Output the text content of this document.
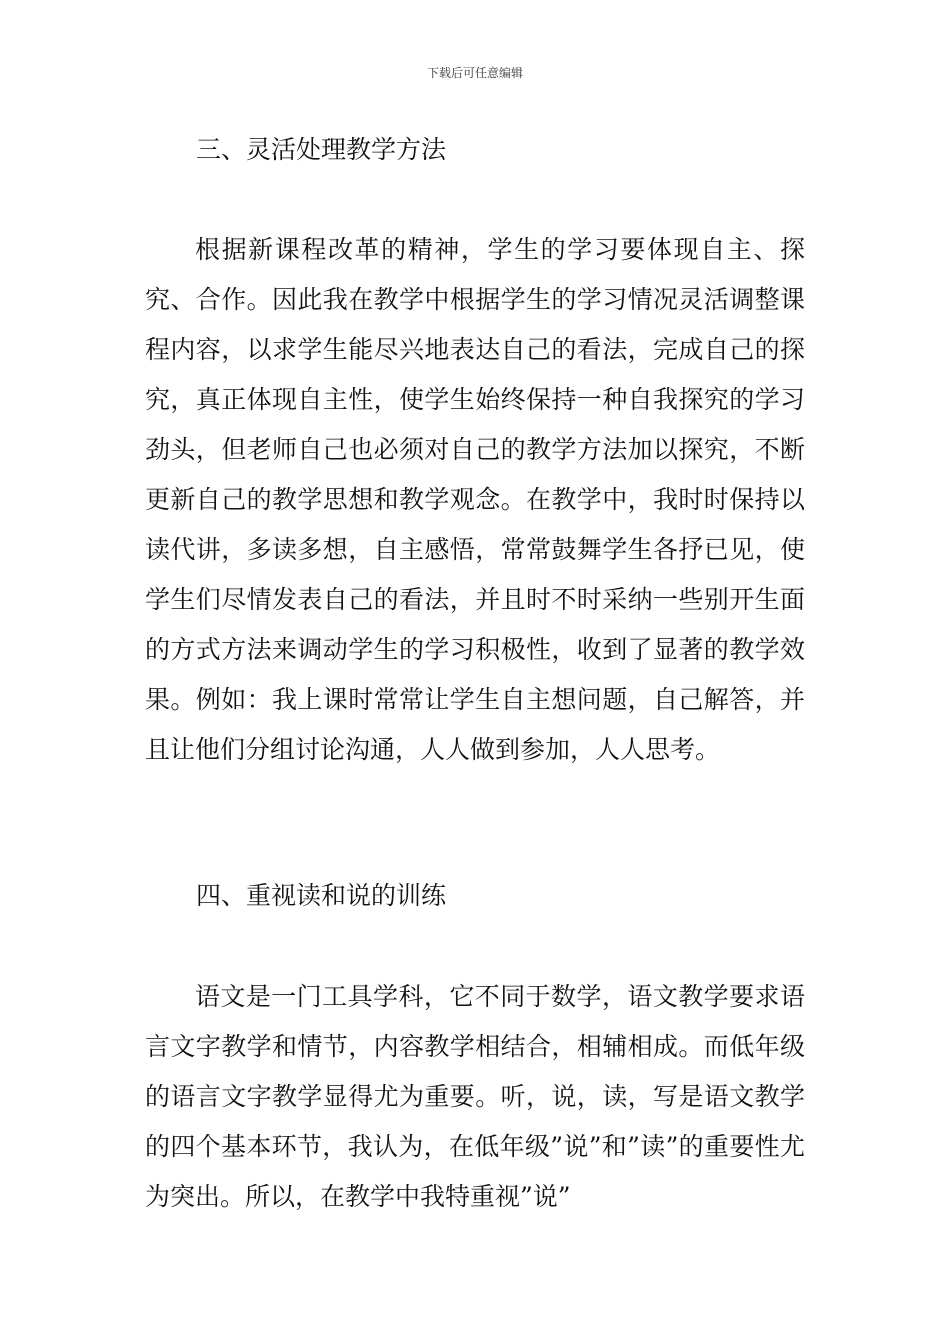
下载后可任意编辑
三、灵活处理教学方法
根据新课程改革的精神，学生的学习要体现自主、探究、合作。因此我在教学中根据学生的学习情况灵活调整课程内容，以求学生能尽兴地表达自己的看法，完成自己的探究，真正体现自主性，使学生始终保持一种自我探究的学习劲头，但老师自己也必须对自己的教学方法加以探究，不断更新自己的教学思想和教学观念。在教学中，我时时保持以读代讲，多读多想，自主感悟，常常鼓舞学生各抒已见，使学生们尽情发表自己的看法，并且时不时采纳一些别开生面的方式方法来调动学生的学习积极性，收到了显著的教学效果。例如：我上课时常常让学生自主想问题，自己解答，并且让他们分组讨论沟通，人人做到参加，人人思考。
四、重视读和说的训练
语文是一门工具学科，它不同于数学，语文教学要求语言文字教学和情节，内容教学相结合，相辅相成。而低年级的语言文字教学显得尤为重要。听，说，读，写是语文教学的四个基本环节，我认为，在低年级”说”和”读”的重要性尤为突出。所以，在教学中我特重视”说”
